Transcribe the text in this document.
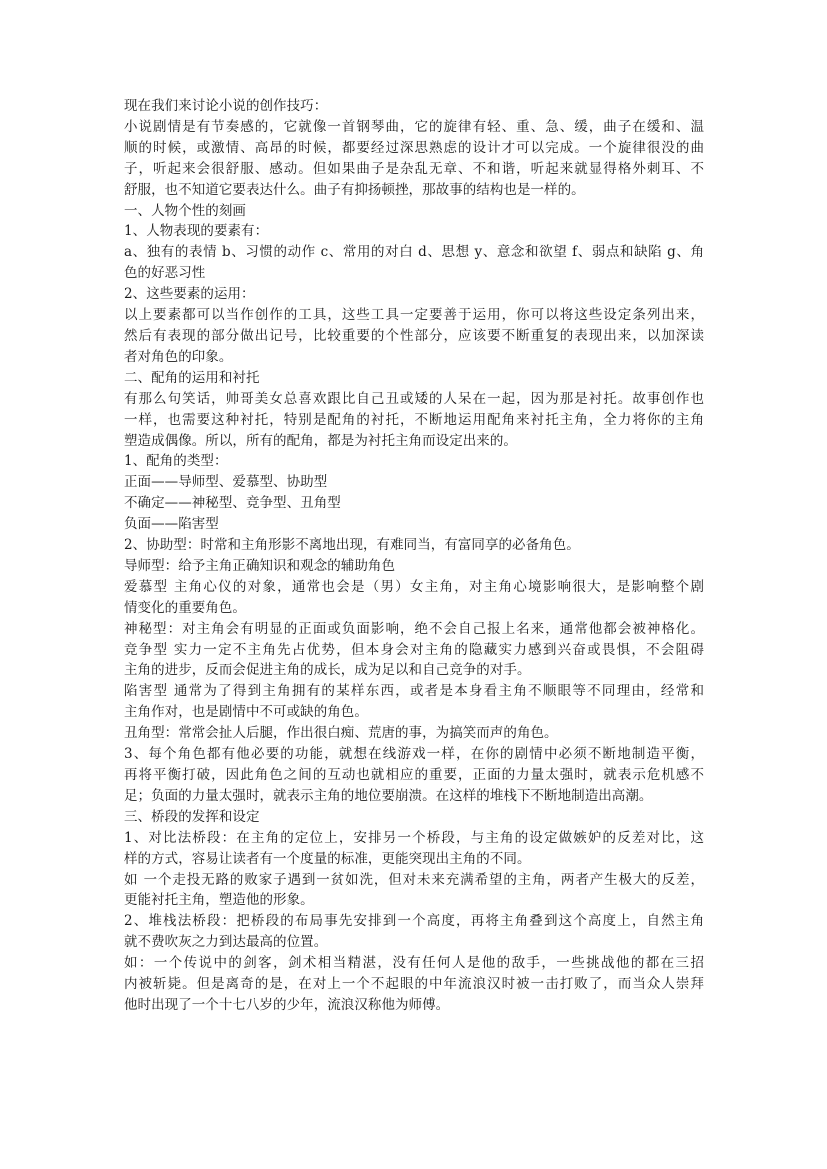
现在我们来讨论小说的创作技巧：
小说剧情是有节奏感的，它就像一首钢琴曲，它的旋律有轻、重、急、缓，曲子在缓和、温
顺的时候，或激情、高昂的时候，都要经过深思熟虑的设计才可以完成。一个旋律很没的曲
子，听起来会很舒服、感动。但如果曲子是杂乱无章、不和谐，听起来就显得格外刺耳、不
舒服，也不知道它要表达什么。曲子有抑扬顿挫，那故事的结构也是一样的。
一、人物个性的刻画
1、人物表现的要素有：
a、独有的表情 b、习惯的动作 c、常用的对白 d、思想 y、意念和欲望 f、弱点和缺陷 g、角
色的好恶习性
2、这些要素的运用：
以上要素都可以当作创作的工具，这些工具一定要善于运用，你可以将这些设定条列出来，
然后有表现的部分做出记号，比较重要的个性部分，应该要不断重复的表现出来，以加深读
者对角色的印象。
二、配角的运用和衬托
有那么句笑话，帅哥美女总喜欢跟比自己丑或矮的人呆在一起，因为那是衬托。故事创作也
一样，也需要这种衬托，特别是配角的衬托，不断地运用配角来衬托主角，全力将你的主角
塑造成偶像。所以，所有的配角，都是为衬托主角而设定出来的。
1、配角的类型：
正面——导师型、爱慕型、协助型
不确定——神秘型、竞争型、丑角型
负面——陷害型
2、协助型：时常和主角形影不离地出现，有难同当，有富同享的必备角色。
导师型：给予主角正确知识和观念的辅助角色
爱慕型 主角心仪的对象，通常也会是（男）女主角，对主角心境影响很大，是影响整个剧
情变化的重要角色。
神秘型：对主角会有明显的正面或负面影响，绝不会自己报上名来，通常他都会被神格化。
竞争型 实力一定不主角先占优势，但本身会对主角的隐藏实力感到兴奋或畏惧，不会阻碍
主角的进步，反而会促进主角的成长，成为足以和自己竞争的对手。
陷害型 通常为了得到主角拥有的某样东西，或者是本身看主角不顺眼等不同理由，经常和
主角作对，也是剧情中不可或缺的角色。
丑角型：常常会扯人后腿，作出很白痴、荒唐的事，为搞笑而声的角色。
3、每个角色都有他必要的功能，就想在线游戏一样，在你的剧情中必须不断地制造平衡，
再将平衡打破，因此角色之间的互动也就相应的重要，正面的力量太强时，就表示危机感不
足；负面的力量太强时，就表示主角的地位要崩溃。在这样的堆栈下不断地制造出高潮。
三、桥段的发挥和设定
1、对比法桥段：在主角的定位上，安排另一个桥段，与主角的设定做嫉妒的反差对比，这
样的方式，容易让读者有一个度量的标准，更能突现出主角的不同。
如 一个走投无路的败家子遇到一贫如洗，但对未来充满希望的主角，两者产生极大的反差，
更能衬托主角，塑造他的形象。
2、堆栈法桥段：把桥段的布局事先安排到一个高度，再将主角叠到这个高度上，自然主角
就不费吹灰之力到达最高的位置。
如：一个传说中的剑客，剑术相当精湛，没有任何人是他的敌手，一些挑战他的都在三招
内被斩毙。但是离奇的是，在对上一个不起眼的中年流浪汉时被一击打败了，而当众人崇拜
他时出现了一个十七八岁的少年，流浪汉称他为师傅。
